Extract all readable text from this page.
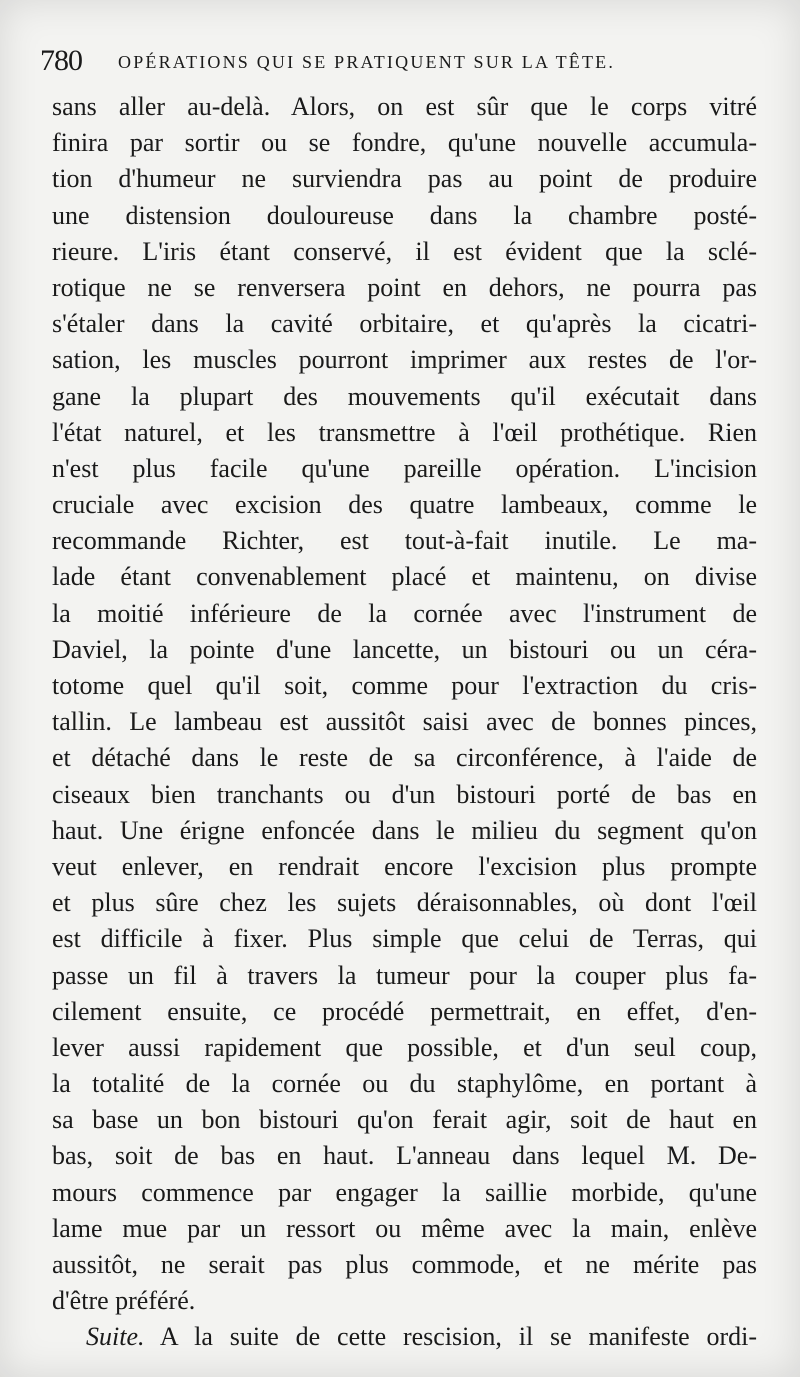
780 OPÉRATIONS QUI SE PRATIQUENT SUR LA TÊTE.
sans aller au-delà. Alors, on est sûr que le corps vitré
finira par sortir ou se fondre, qu'une nouvelle accumula-
tion d'humeur ne surviendra pas au point de produire
une distension douloureuse dans la chambre posté-
rieure. L'iris étant conservé, il est évident que la sclé-
rotique ne se renversera point en dehors, ne pourra pas
s'étaler dans la cavité orbitaire, et qu'après la cicatri-
sation, les muscles pourront imprimer aux restes de l'or-
gane la plupart des mouvements qu'il exécutait dans
l'état naturel, et les transmettre à l'œil prothétique. Rien
n'est plus facile qu'une pareille opération. L'incision
cruciale avec excision des quatre lambeaux, comme le
recommande Richter, est tout-à-fait inutile. Le ma-
lade étant convenablement placé et maintenu, on divise
la moitié inférieure de la cornée avec l'instrument de
Daviel, la pointe d'une lancette, un bistouri ou un céra-
totome quel qu'il soit, comme pour l'extraction du cris-
tallin. Le lambeau est aussitôt saisi avec de bonnes pinces,
et détaché dans le reste de sa circonférence, à l'aide de
ciseaux bien tranchants ou d'un bistouri porté de bas en
haut. Une érigne enfoncée dans le milieu du segment qu'on
veut enlever, en rendrait encore l'excision plus prompte
et plus sûre chez les sujets déraisonnables, où dont l'œil
est difficile à fixer. Plus simple que celui de Terras, qui
passe un fil à travers la tumeur pour la couper plus fa-
cilement ensuite, ce procédé permettrait, en effet, d'en-
lever aussi rapidement que possible, et d'un seul coup,
la totalité de la cornée ou du staphylôme, en portant à
sa base un bon bistouri qu'on ferait agir, soit de haut en
bas, soit de bas en haut. L'anneau dans lequel M. De-
mours commence par engager la saillie morbide, qu'une
lame mue par un ressort ou même avec la main, enlève
aussitôt, ne serait pas plus commode, et ne mérite pas
d'être préféré.
Suite. A la suite de cette rescision, il se manifeste ordi-
